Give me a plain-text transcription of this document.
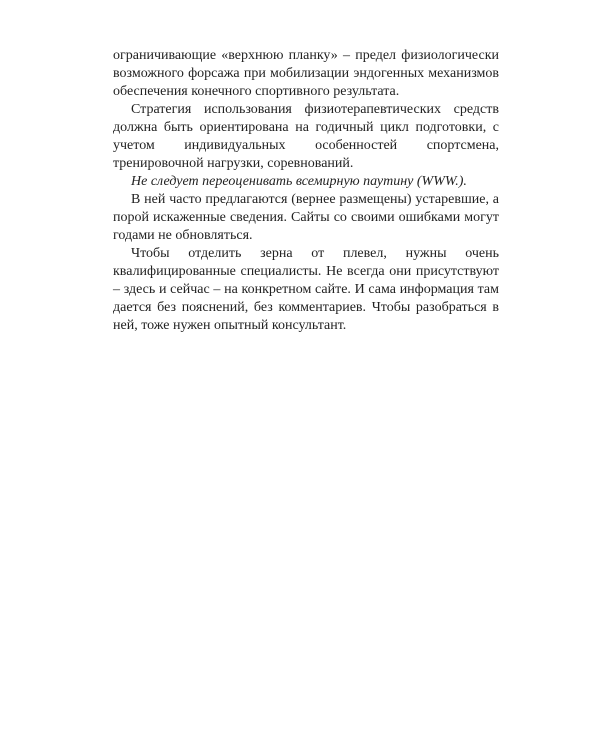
ограничивающие «верхнюю планку» – предел физиологически возможного форсажа при мобилизации эндогенных механизмов обеспечения конечного спортивного результата.

Стратегия использования физиотерапевтических средств должна быть ориентирована на годичный цикл подготовки, с учетом индивидуальных особенностей спортсмена, тренировочной нагрузки, соревнований.

Не следует переоценивать всемирную паутину (WWW.).

В ней часто предлагаются (вернее размещены) устаревшие, а порой искаженные сведения. Сайты со своими ошибками могут годами не обновляться.

Чтобы отделить зерна от плевел, нужны очень квалифицированные специалисты. Не всегда они присутствуют – здесь и сейчас – на конкретном сайте. И сама информация там дается без пояснений, без комментариев. Чтобы разобраться в ней, тоже нужен опытный консультант.
